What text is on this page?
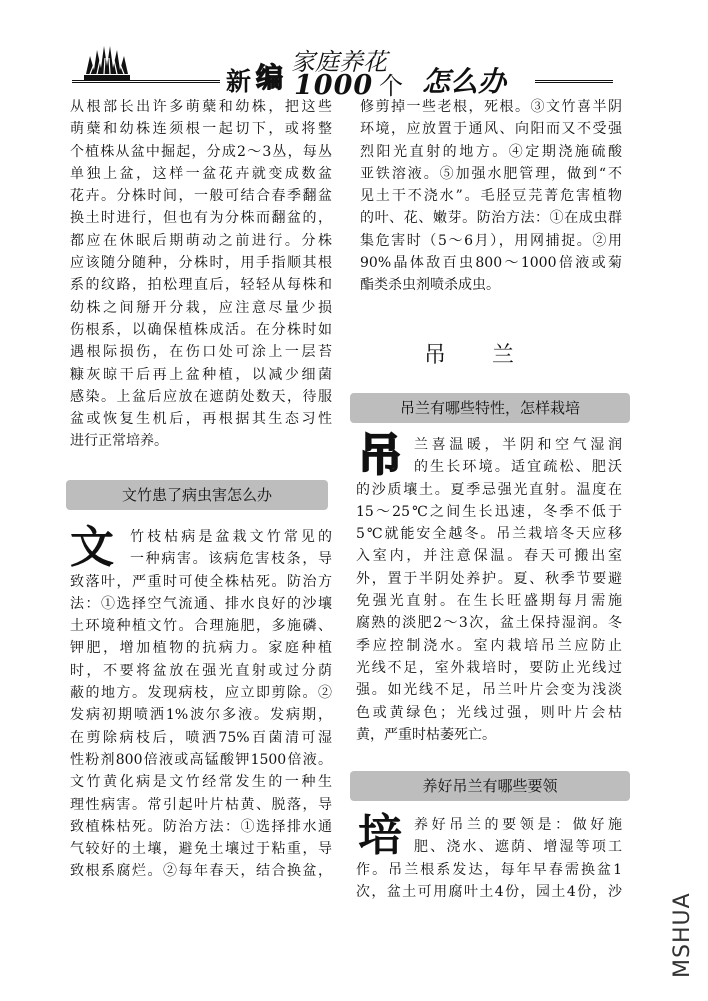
新 编
家庭养花
1000 个 怎么办
从根部长出许多萌蘖和幼株，把这些
萌蘖和幼株连须根一起切下，或将整
个植株从盆中掘起，分成2～3丛，每丛
单独上盆，这样一盆花卉就变成数盆
花卉。分株时间，一般可结合春季翻盆
换土时进行，但也有为分株而翻盆的，
都应在休眠后期萌动之前进行。分株
应该随分随种，分株时，用手指顺其根
系的纹路，拍松理直后，轻轻从每株和
幼株之间掰开分栽，应注意尽量少损
伤根系，以确保植株成活。在分株时如
遇根际损伤，在伤口处可涂上一层苔
糠灰晾干后再上盆种植，以减少细菌
感染。上盆后应放在遮荫处数天，待服
盆或恢复生机后，再根据其生态习性
进行正常培养。
文竹患了病虫害怎么办
文 竹枝枯病是盆栽文竹常见的
一种病害。该病危害枝条，导
致落叶，严重时可使全株枯死。防治方
法：①选择空气流通、排水良好的沙壤
土环境种植文竹。合理施肥，多施磷、
钾肥，增加植物的抗病力。家庭种植
时，不要将盆放在强光直射或过分荫
蔽的地方。发现病枝，应立即剪除。②
发病初期喷洒1%波尔多液。发病期，
在剪除病枝后，喷洒75%百菌清可湿
性粉剂800倍液或高锰酸钾1500倍液。
文竹黄化病是文竹经常发生的一种生
理性病害。常引起叶片枯黄、脱落，导
致植株枯死。防治方法：①选择排水通
气较好的土壤，避免土壤过于粘重，导
致根系腐烂。②每年春天，结合换盆，
修剪掉一些老根，死根。③文竹喜半阴
环境，应放置于通风、向阳而又不受强
烈阳光直射的地方。④定期浇施硫酸
亚铁溶液。⑤加强水肥管理，做到“不
见土干不浇水”。毛胫豆芫菁危害植物
的叶、花、嫩芽。防治方法：①在成虫群
集危害时（5～6月），用网捕捉。②用
90%晶体敌百虫800～1000倍液或菊
酯类杀虫剂喷杀成虫。
吊兰
吊兰有哪些特性，怎样栽培
吊 兰喜温暖，半阴和空气湿润
的生长环境。适宜疏松、肥沃
的沙质壤土。夏季忌强光直射。温度在
15～25℃之间生长迅速，冬季不低于
5℃就能安全越冬。吊兰栽培冬天应移
入室内，并注意保温。春天可搬出室
外，置于半阴处养护。夏、秋季节要避
免强光直射。在生长旺盛期每月需施
腐熟的淡肥2～3次，盆土保持湿润。冬
季应控制浇水。室内栽培吊兰应防止
光线不足，室外栽培时，要防止光线过
强。如光线不足，吊兰叶片会变为浅淡
色或黄绿色；光线过强，则叶片会枯
黄，严重时枯萎死亡。
养好吊兰有哪些要领
培 养好吊兰的要领是：做好施
肥、浇水、遮荫、增湿等项工
作。吊兰根系发达，每年早春需换盆1
次，盆土可用腐叶土4份，园土4份，沙
MSHUA
